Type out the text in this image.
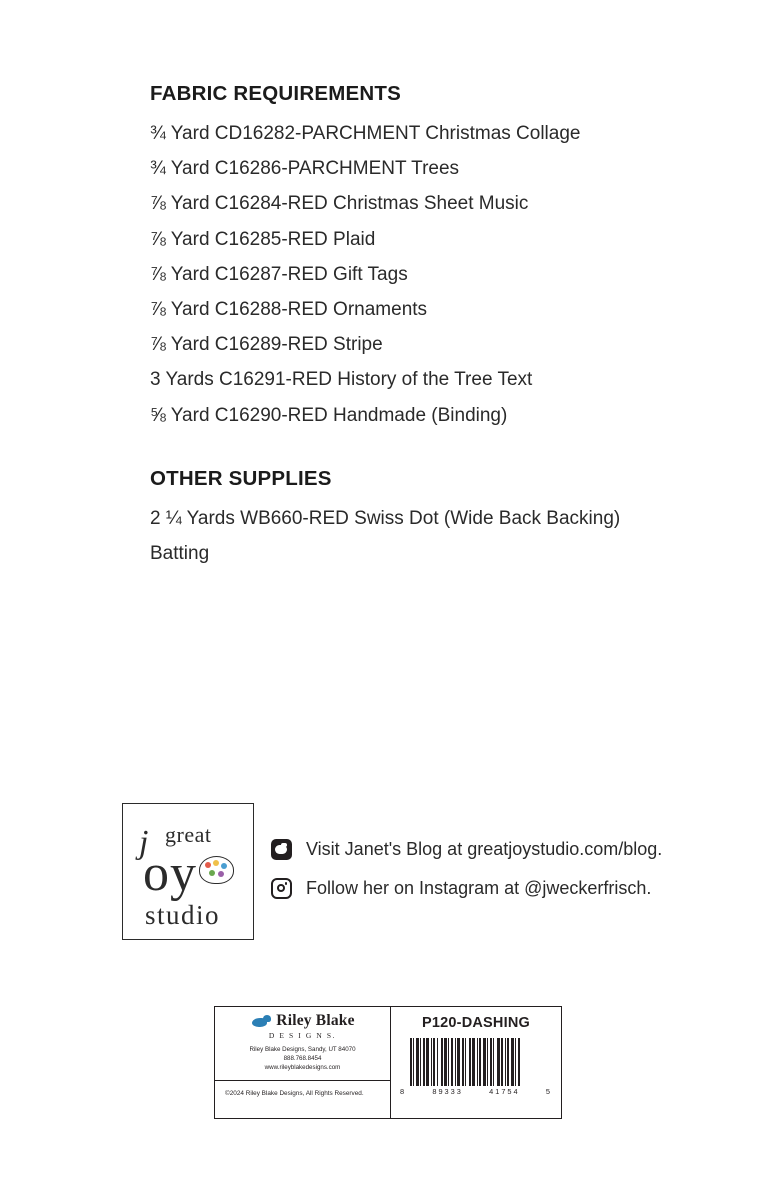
FABRIC REQUIREMENTS
¾ Yard CD16282-PARCHMENT Christmas Collage
¾ Yard C16286-PARCHMENT Trees
⅞ Yard C16284-RED Christmas Sheet Music
⅞ Yard C16285-RED Plaid
⅞ Yard C16287-RED Gift Tags
⅞ Yard C16288-RED Ornaments
⅞ Yard C16289-RED Stripe
3 Yards C16291-RED History of the Tree Text
⅝ Yard C16290-RED Handmade (Binding)
OTHER SUPPLIES
2 ¼ Yards WB660-RED Swiss Dot (Wide Back Backing)
Batting
j great
oy
studio
Visit Janet's Blog at greatjoystudio.com/blog.
Follow her on Instagram at @jweckerfrisch.
Riley Blake
D E S I G N S.
Riley Blake Designs, Sandy, UT 84070
888.768.8454
www.rileyblakedesigns.com
©2024 Riley Blake Designs, All Rights Reserved.
P120-DASHING
8	89333	41754	5
